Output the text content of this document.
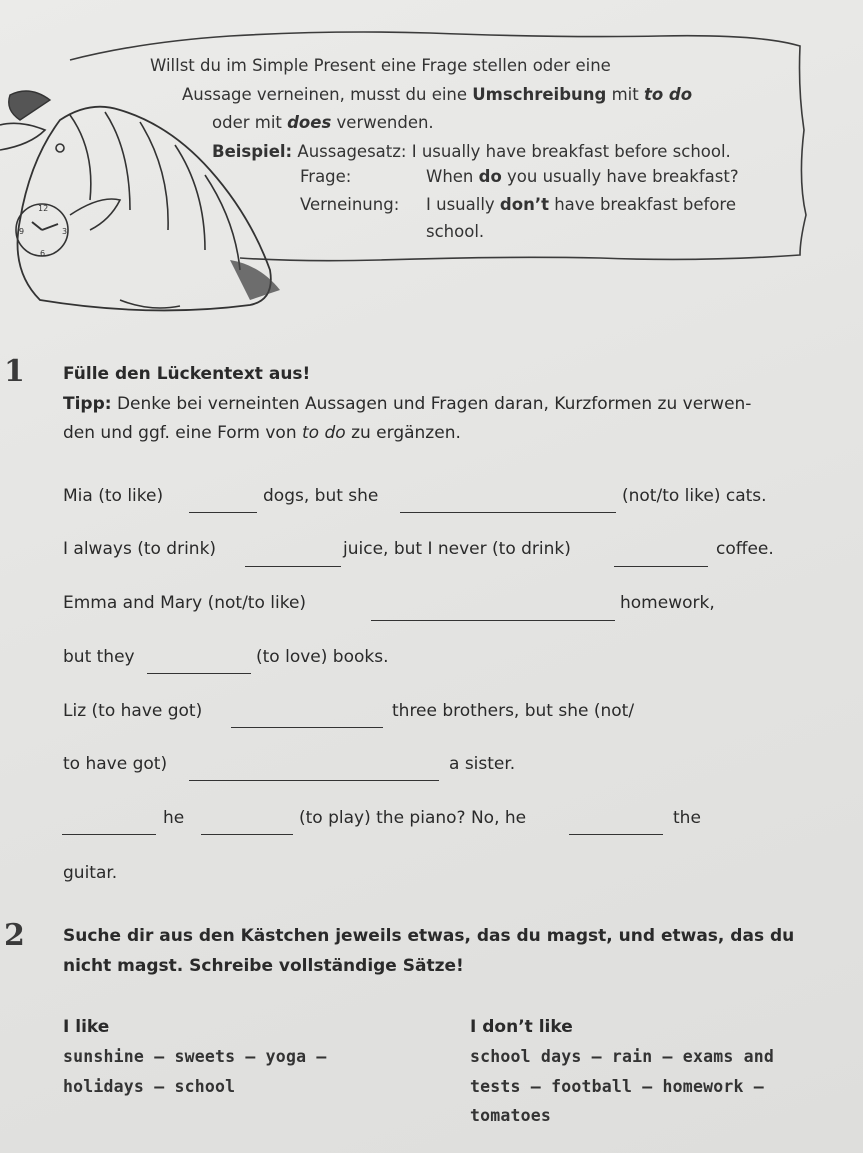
12
9	3
6
Willst du im Simple Present eine Frage stellen oder eine
Aussage verneinen, musst du eine Umschreibung mit to do
oder mit does verwenden.
Beispiel: Aussagesatz: I usually have breakfast before school.
Frage:	When do you usually have breakfast?
Verneinung: I usually don’t have breakfast before
school.
1 Fülle den Lückentext aus!
Tipp: Denke bei verneinten Aussagen und Fragen daran, Kurzformen zu verwen-
den und ggf. eine Form von to do zu ergänzen.
Mia (to like)	dogs, but she	(not/to like) cats.
I always (to drink)	juice, but I never (to drink)	coffee.
Emma and Mary (not/to like)	homework,
but they	(to love) books.
Liz (to have got)	three brothers, but she (not/
to have got)	a sister.
he	(to play) the piano? No, he	the
guitar.
2 Suche dir aus den Kästchen jeweils etwas, das du magst, und etwas, das du
nicht magst. Schreibe vollständige Sätze!
I like	I don’t like
sunshine – sweets – yoga –
holidays – school
school days – rain – exams and
tests – football – homework –
tomatoes
